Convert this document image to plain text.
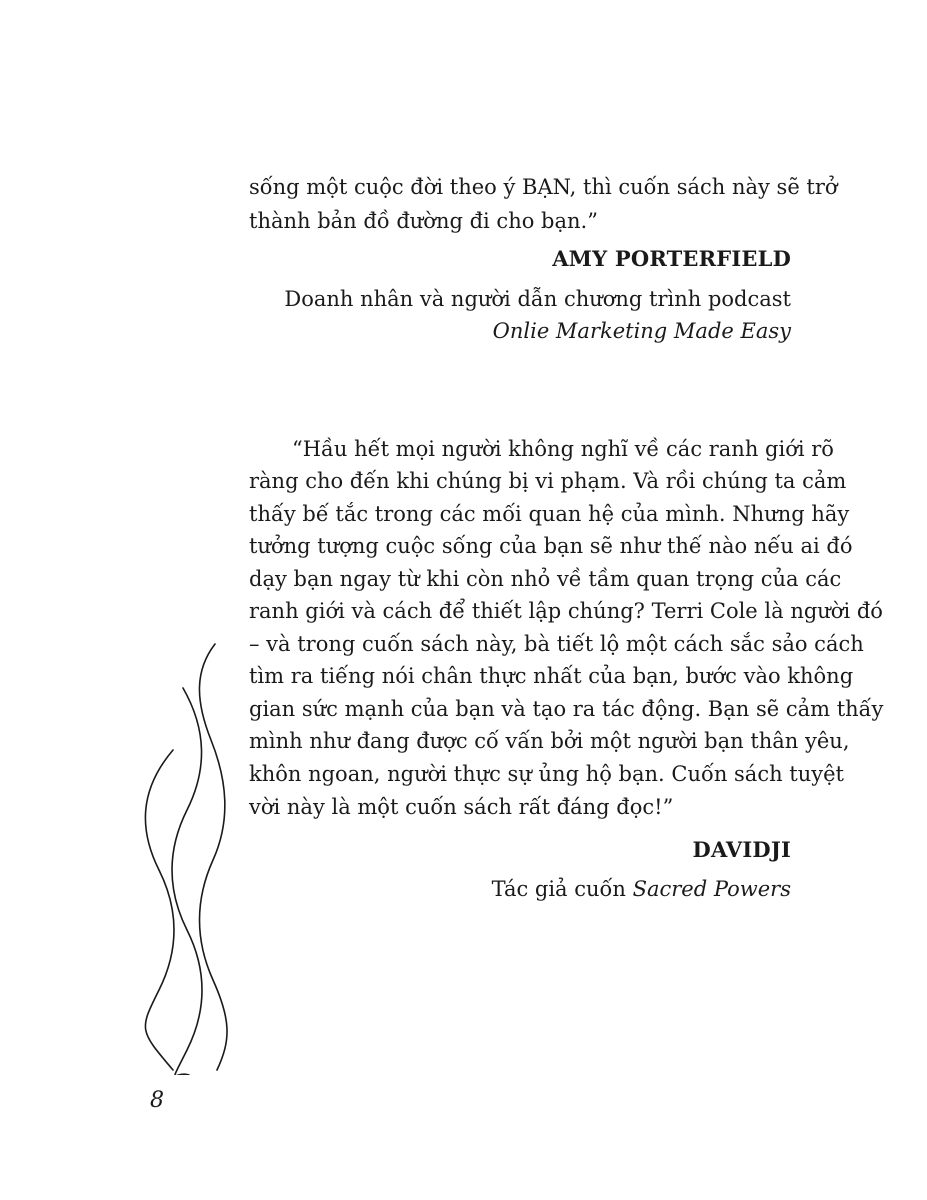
sống một cuộc đời theo ý BẠN, thì cuốn sách này sẽ trở
thành bản đồ đường đi cho bạn.”
AMY PORTERFIELD
Doanh nhân và người dẫn chương trình podcast
Onlie Marketing Made Easy
“Hầu hết mọi người không nghĩ về các ranh giới rõ
ràng cho đến khi chúng bị vi phạm. Và rồi chúng ta cảm
thấy bế tắc trong các mối quan hệ của mình. Nhưng hãy
tưởng tượng cuộc sống của bạn sẽ như thế nào nếu ai đó
dạy bạn ngay từ khi còn nhỏ về tầm quan trọng của các
ranh giới và cách để thiết lập chúng? Terri Cole là người đó
– và trong cuốn sách này, bà tiết lộ một cách sắc sảo cách
tìm ra tiếng nói chân thực nhất của bạn, bước vào không
gian sức mạnh của bạn và tạo ra tác động. Bạn sẽ cảm thấy
mình như đang được cố vấn bởi một người bạn thân yêu,
khôn ngoan, người thực sự ủng hộ bạn. Cuốn sách tuyệt
vời này là một cuốn sách rất đáng đọc!”
DAVIDJI
Tác giả cuốn Sacred Powers
8
